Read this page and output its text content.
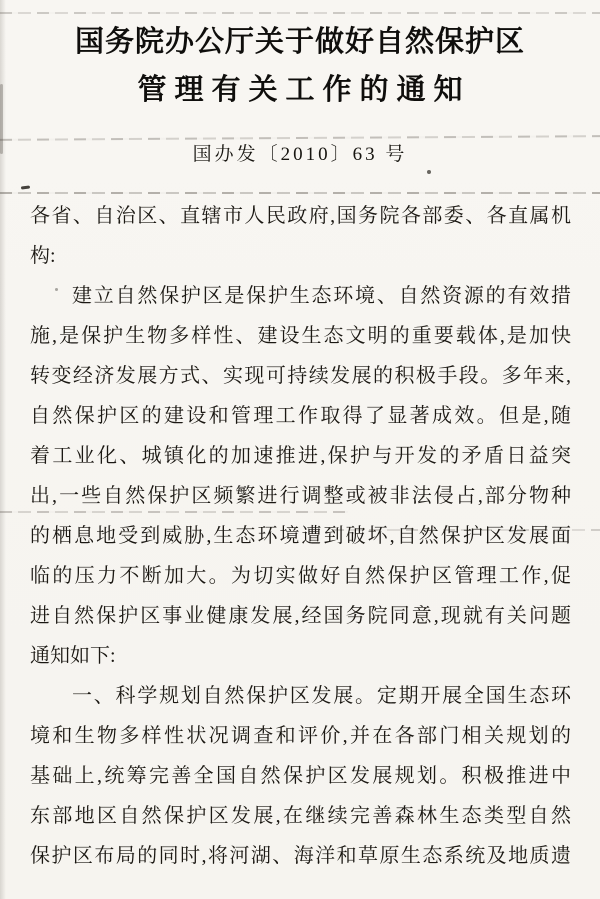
国务院办公厅关于做好自然保护区
管理有关工作的通知
国办发〔2010〕63 号
各省、自治区、直辖市人民政府,国务院各部委、各直属机
构:
建立自然保护区是保护生态环境、自然资源的有效措
施,是保护生物多样性、建设生态文明的重要载体,是加快
转变经济发展方式、实现可持续发展的积极手段。多年来,
自然保护区的建设和管理工作取得了显著成效。但是,随
着工业化、城镇化的加速推进,保护与开发的矛盾日益突
出,一些自然保护区频繁进行调整或被非法侵占,部分物种
的栖息地受到威胁,生态环境遭到破坏,自然保护区发展面
临的压力不断加大。为切实做好自然保护区管理工作,促
进自然保护区事业健康发展,经国务院同意,现就有关问题
通知如下:
一、科学规划自然保护区发展。定期开展全国生态环
境和生物多样性状况调查和评价,并在各部门相关规划的
基础上,统筹完善全国自然保护区发展规划。积极推进中
东部地区自然保护区发展,在继续完善森林生态类型自然
保护区布局的同时,将河湖、海洋和草原生态系统及地质遗
